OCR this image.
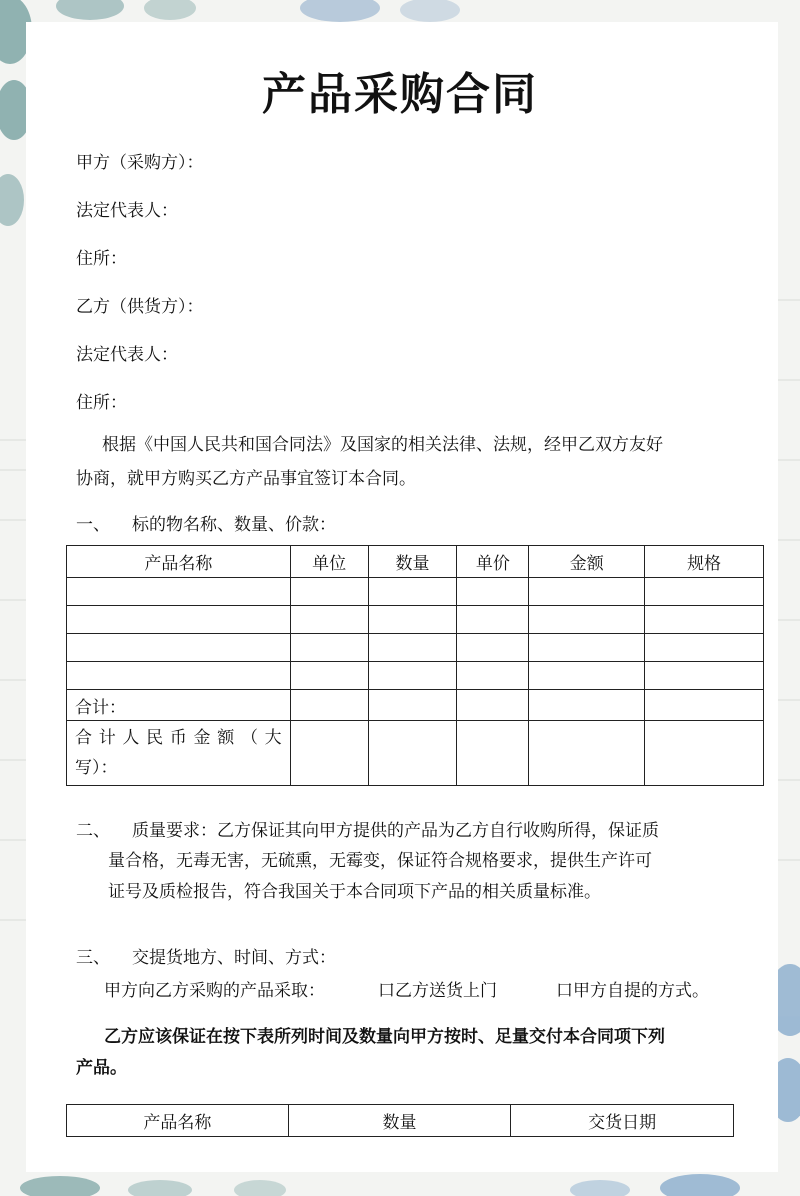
产品采购合同
甲方（采购方）：
法定代表人：
住所：
乙方（供货方）：
法定代表人：
住所：
根据《中国人民共和国合同法》及国家的相关法律、法规，经甲乙双方友好
协商，就甲方购买乙方产品事宜签订本合同。
一、 标的物名称、数量、价款：
产品名称	单位	数量	单价	金额	规格

合计：					

合计人民币金额（大
写）：					

二、 质量要求：乙方保证其向甲方提供的产品为乙方自行收购所得，保证质
量合格，无毒无害，无硫熏，无霉变，保证符合规格要求，提供生产许可
证号及质检报告，符合我国关于本合同项下产品的相关质量标准。
三、 交提货地方、时间、方式：
甲方向乙方采购的产品采取：	口乙方送货上门	口甲方自提的方式。
乙方应该保证在按下表所列时间及数量向甲方按时、足量交付本合同项下列
产品。
产品名称	数量	交货日期
